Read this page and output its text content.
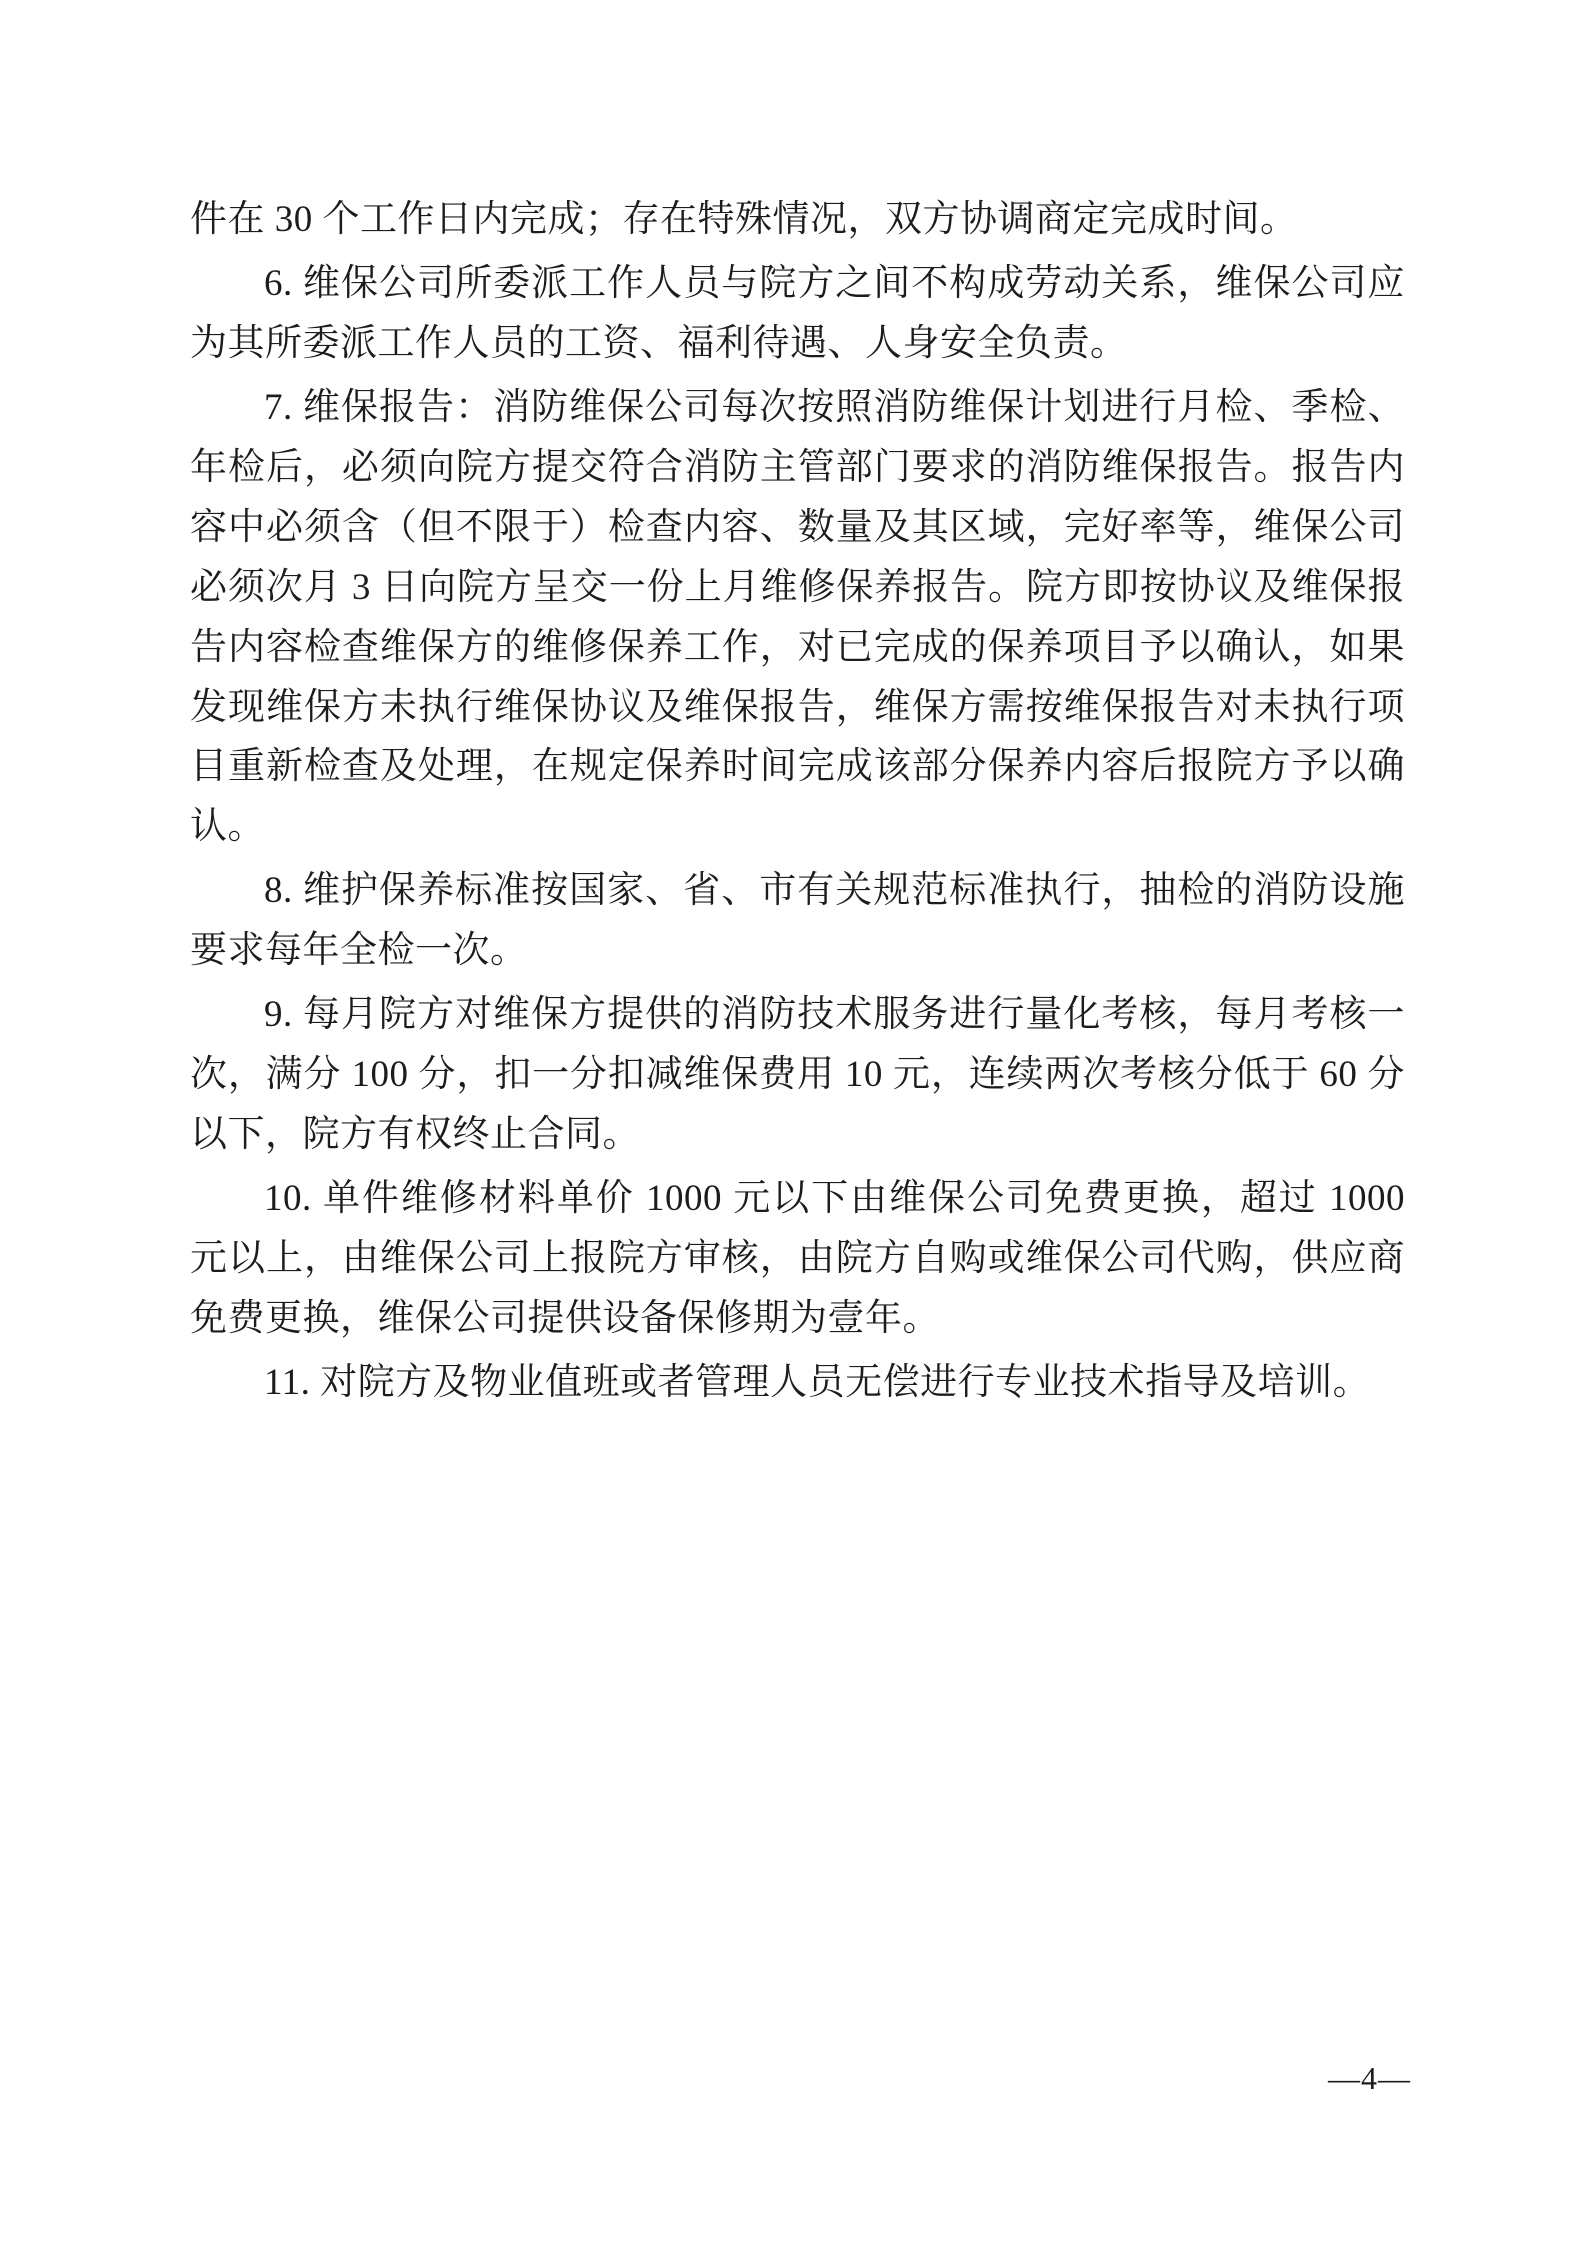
件在 30 个工作日内完成；存在特殊情况，双方协调商定完成时间。

6. 维保公司所委派工作人员与院方之间不构成劳动关系，维保公司应为其所委派工作人员的工资、福利待遇、人身安全负责。

7. 维保报告：消防维保公司每次按照消防维保计划进行月检、季检、年检后，必须向院方提交符合消防主管部门要求的消防维保报告。报告内容中必须含（但不限于）检查内容、数量及其区域，完好率等，维保公司必须次月 3 日向院方呈交一份上月维修保养报告。院方即按协议及维保报告内容检查维保方的维修保养工作，对已完成的保养项目予以确认，如果发现维保方未执行维保协议及维保报告，维保方需按维保报告对未执行项目重新检查及处理，在规定保养时间完成该部分保养内容后报院方予以确认。

8. 维护保养标准按国家、省、市有关规范标准执行，抽检的消防设施要求每年全检一次。

9. 每月院方对维保方提供的消防技术服务进行量化考核，每月考核一次，满分 100 分，扣一分扣减维保费用 10 元，连续两次考核分低于 60 分以下，院方有权终止合同。

10. 单件维修材料单价 1000 元以下由维保公司免费更换，超过 1000 元以上，由维保公司上报院方审核，由院方自购或维保公司代购，供应商免费更换，维保公司提供设备保修期为壹年。

11. 对院方及物业值班或者管理人员无偿进行专业技术指导及培训。

—4—
